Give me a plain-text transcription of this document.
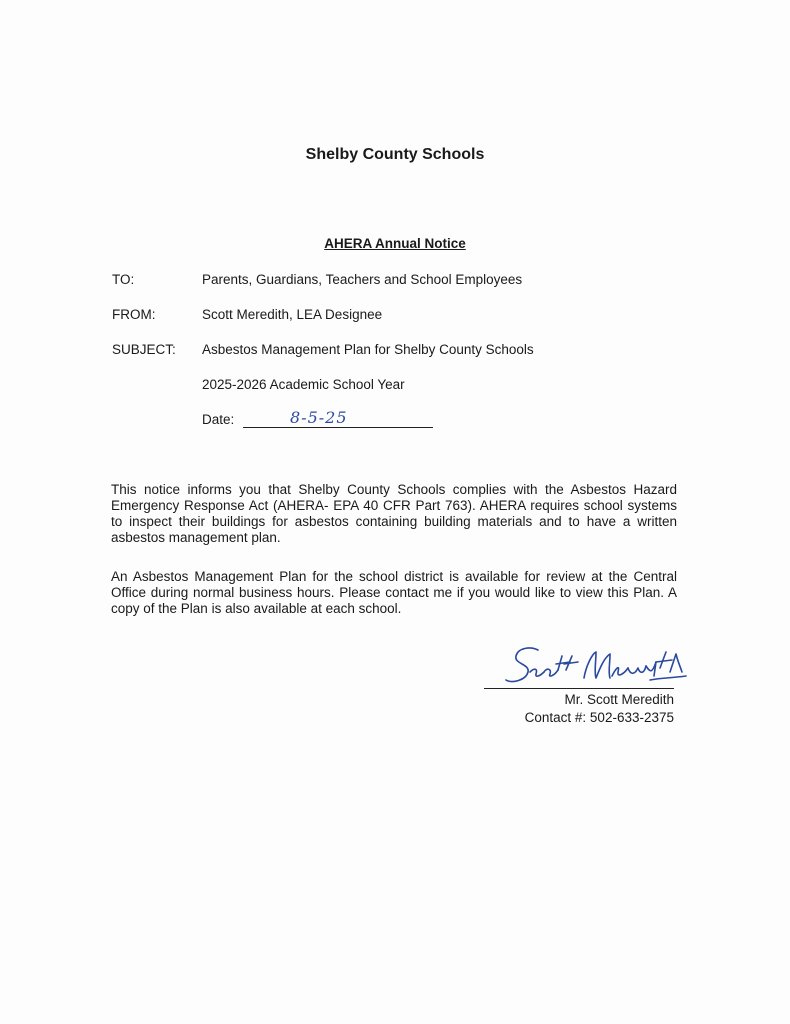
Shelby County Schools
AHERA Annual Notice
TO:	Parents, Guardians, Teachers and School Employees
FROM:	Scott Meredith, LEA Designee
SUBJECT: Asbestos Management Plan for Shelby County Schools
2025-2026 Academic School Year
Date:	8-5-25
This notice informs you that Shelby County Schools complies with the Asbestos Hazard Emergency Response Act (AHERA- EPA 40 CFR Part 763). AHERA requires school systems to inspect their buildings for asbestos containing building materials and to have a written asbestos management plan.
An Asbestos Management Plan for the school district is available for review at the Central Office during normal business hours. Please contact me if you would like to view this Plan. A copy of the Plan is also available at each school.
Mr. Scott Meredith
Contact #: 502-633-2375
